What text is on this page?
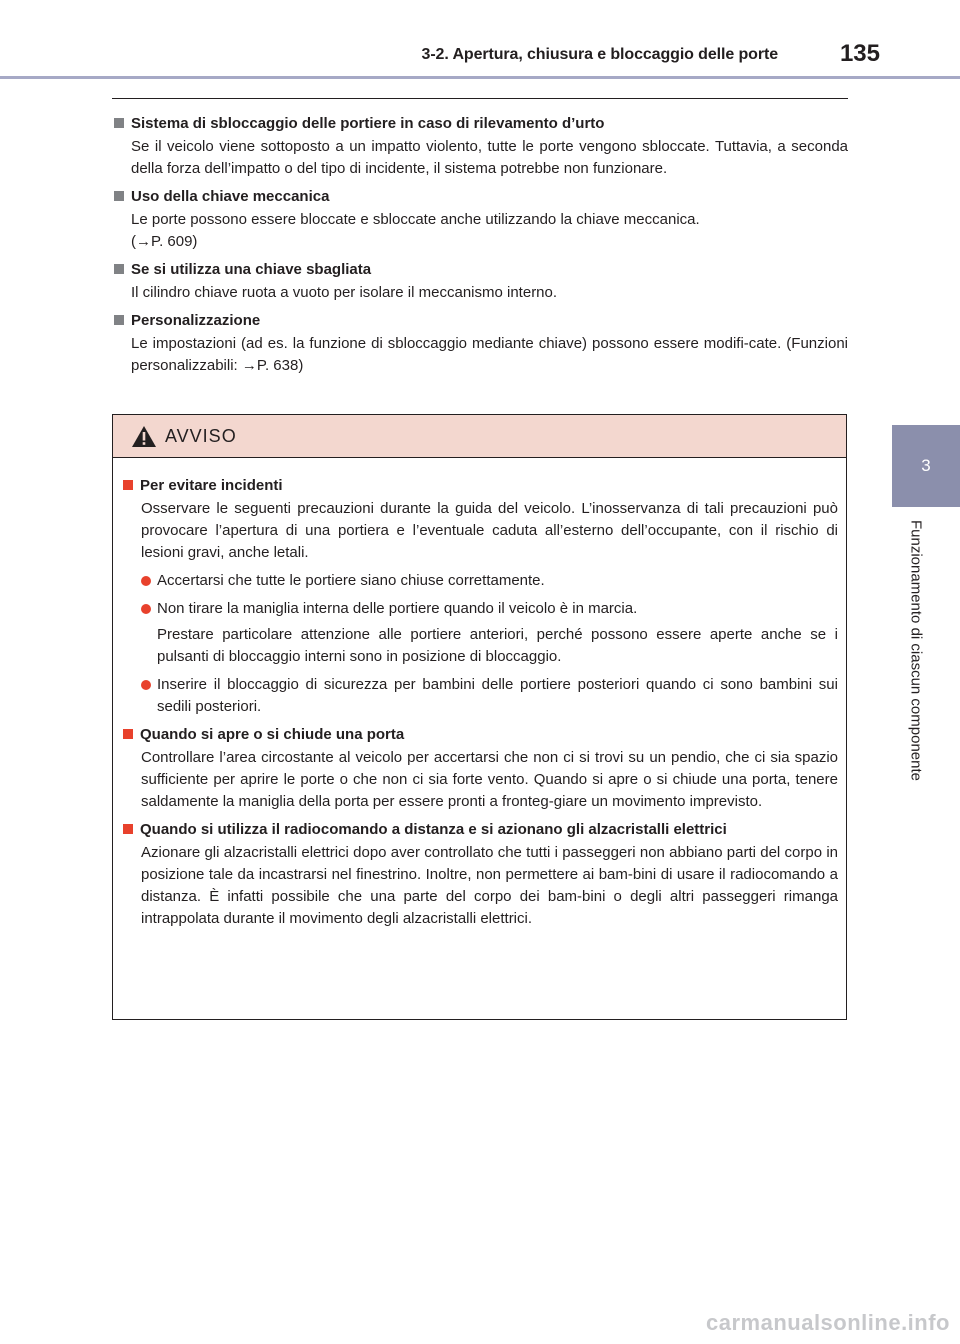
3-2. Apertura, chiusura e bloccaggio delle porte	135
3
Funzionamento di ciascun componente
Sistema di sbloccaggio delle portiere in caso di rilevamento d’urto
Se il veicolo viene sottoposto a un impatto violento, tutte le porte vengono sbloccate. Tuttavia, a seconda della forza dell’impatto o del tipo di incidente, il sistema potrebbe non funzionare.
Uso della chiave meccanica
Le porte possono essere bloccate e sbloccate anche utilizzando la chiave meccanica.
(→P. 609)
Se si utilizza una chiave sbagliata
Il cilindro chiave ruota a vuoto per isolare il meccanismo interno.
Personalizzazione
Le impostazioni (ad es. la funzione di sbloccaggio mediante chiave) possono essere modifi-cate. (Funzioni personalizzabili: →P. 638)
AVVISO
Per evitare incidenti
Osservare le seguenti precauzioni durante la guida del veicolo. L’inosservanza di tali precauzioni può provocare l’apertura di una portiera e l’eventuale caduta all’esterno dell’occupante, con il rischio di lesioni gravi, anche letali.
Accertarsi che tutte le portiere siano chiuse correttamente.
Non tirare la maniglia interna delle portiere quando il veicolo è in marcia.
Prestare particolare attenzione alle portiere anteriori, perché possono essere aperte anche se i pulsanti di bloccaggio interni sono in posizione di bloccaggio.
Inserire il bloccaggio di sicurezza per bambini delle portiere posteriori quando ci sono bambini sui sedili posteriori.
Quando si apre o si chiude una porta
Controllare l’area circostante al veicolo per accertarsi che non ci si trovi su un pendio, che ci sia spazio sufficiente per aprire le porte o che non ci sia forte vento. Quando si apre o si chiude una porta, tenere saldamente la maniglia della porta per essere pronti a fronteg-giare un movimento imprevisto.
Quando si utilizza il radiocomando a distanza e si azionano gli alzacristalli elettrici
Azionare gli alzacristalli elettrici dopo aver controllato che tutti i passeggeri non abbiano parti del corpo in posizione tale da incastrarsi nel finestrino. Inoltre, non permettere ai bam-bini di usare il radiocomando a distanza. È infatti possibile che una parte del corpo dei bam-bini o degli altri passeggeri rimanga intrappolata durante il movimento degli alzacristalli elettrici.
carmanualsonline.info
